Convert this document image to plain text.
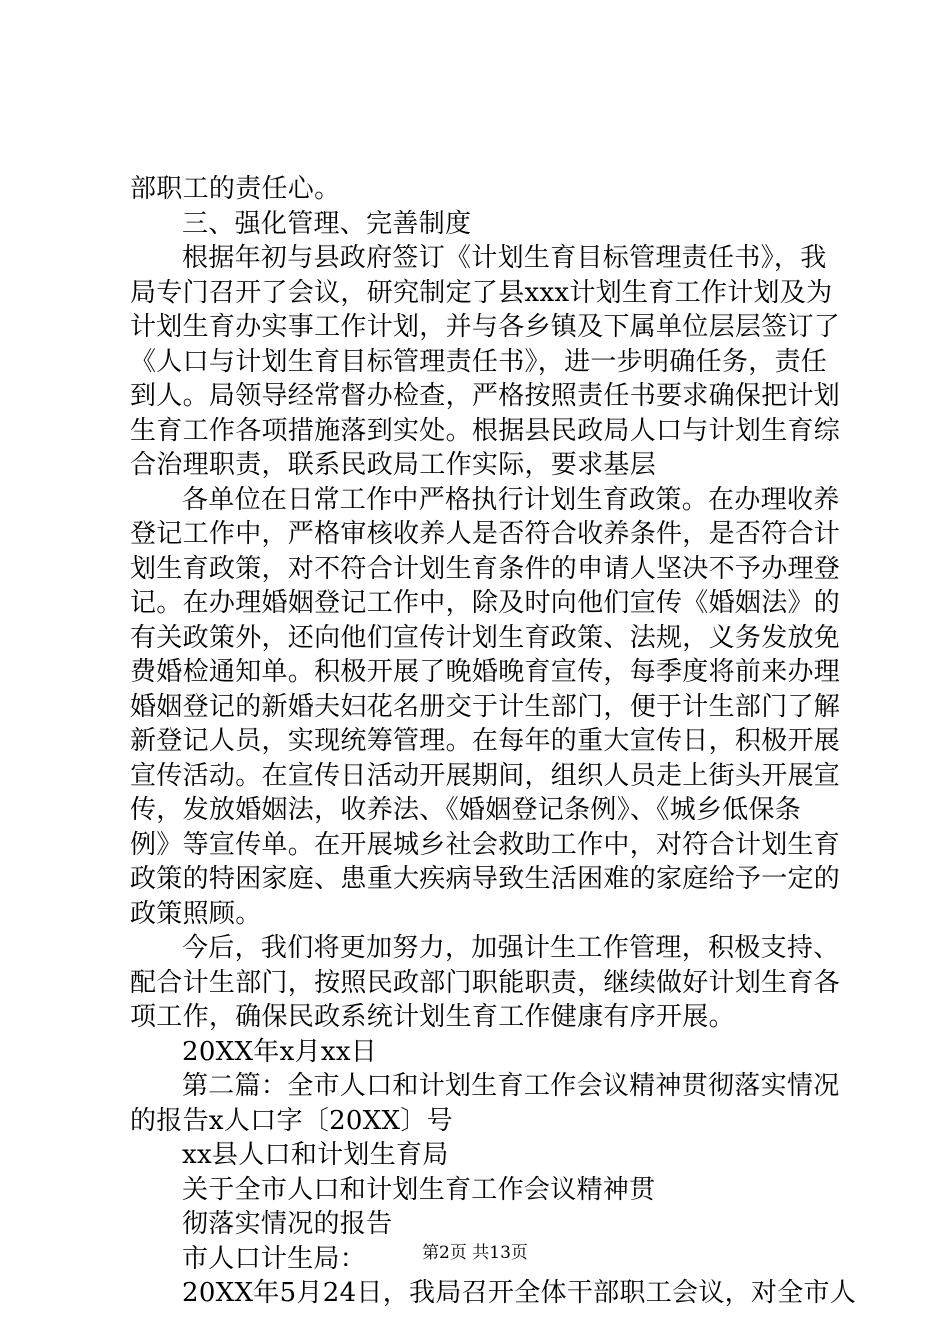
部职工的责任心。
三、强化管理、完善制度
根据年初与县政府签订《计划生育目标管理责任书》，我
局专门召开了会议，研究制定了县xxx计划生育工作计划及为
计划生育办实事工作计划，并与各乡镇及下属单位层层签订了
《人口与计划生育目标管理责任书》，进一步明确任务，责任
到人。局领导经常督办检查，严格按照责任书要求确保把计划
生育工作各项措施落到实处。根据县民政局人口与计划生育综
合治理职责，联系民政局工作实际，要求基层
各单位在日常工作中严格执行计划生育政策。在办理收养
登记工作中，严格审核收养人是否符合收养条件，是否符合计
划生育政策，对不符合计划生育条件的申请人坚决不予办理登
记。在办理婚姻登记工作中，除及时向他们宣传《婚姻法》的
有关政策外，还向他们宣传计划生育政策、法规，义务发放免
费婚检通知单。积极开展了晚婚晚育宣传，每季度将前来办理
婚姻登记的新婚夫妇花名册交于计生部门，便于计生部门了解
新登记人员，实现统筹管理。在每年的重大宣传日，积极开展
宣传活动。在宣传日活动开展期间，组织人员走上街头开展宣
传，发放婚姻法，收养法、《婚姻登记条例》、《城乡低保条
例》等宣传单。在开展城乡社会救助工作中，对符合计划生育
政策的特困家庭、患重大疾病导致生活困难的家庭给予一定的
政策照顾。
今后，我们将更加努力，加强计生工作管理，积极支持、
配合计生部门，按照民政部门职能职责，继续做好计划生育各
项工作，确保民政系统计划生育工作健康有序开展。
20XX年x月xx日
第二篇：全市人口和计划生育工作会议精神贯彻落实情况
的报告x人口字〔20XX〕号
xx县人口和计划生育局
关于全市人口和计划生育工作会议精神贯
彻落实情况的报告
市人口计生局：
20XX年5月24日，我局召开全体干部职工会议，对全市人
第2页 共13页
